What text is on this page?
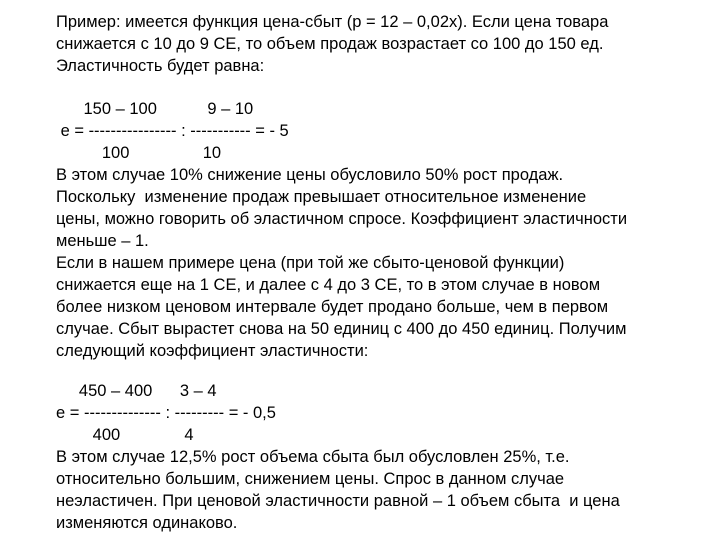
Пример: имеется функция цена-сбыт (р = 12 – 0,02х). Если цена товара

снижается с 10 до 9 СЕ, то объем продаж возрастает со 100 до 150 ед.

Эластичность будет равна:

150 – 100           9 – 10

е = ---------------- : ----------- = - 5

100                10

В этом случае 10% снижение цены обусловило 50% рост продаж.

Поскольку  изменение продаж превышает относительное изменение

цены, можно говорить об эластичном спросе. Коэффициент эластичности

меньше – 1.

Если в нашем примере цена (при той же сбыто-ценовой функции)

снижается еще на 1 СЕ, и далее с 4 до 3 СЕ, то в этом случае в новом

более низком ценовом интервале будет продано больше, чем в первом

случае. Сбыт вырастет снова на 50 единиц с 400 до 450 единиц. Получим

следующий коэффициент эластичности:

450 – 400      3 – 4

е = -------------- : --------- = - 0,5

400              4

В этом случае 12,5% рост объема сбыта был обусловлен 25%, т.е.

относительно большим, снижением цены. Спрос в данном случае

неэластичен. При ценовой эластичности равной – 1 объем сбыта  и цена

изменяются одинаково.
